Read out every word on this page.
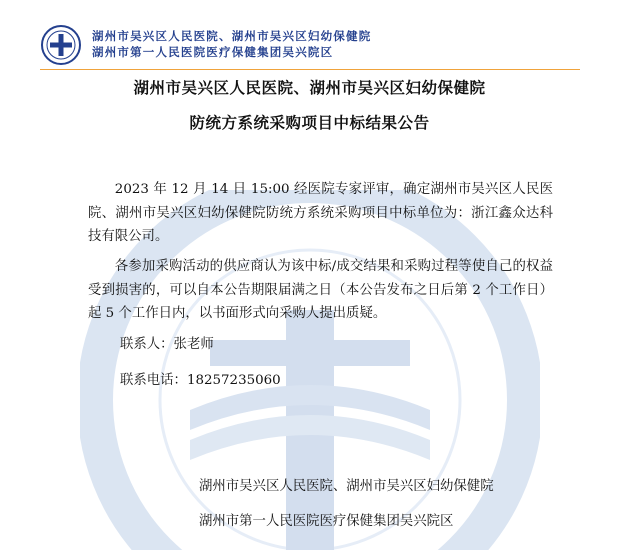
湖州市吴兴区人民医院、湖州市吴兴区妇幼保健院
湖州市第一人民医院医疗保健集团吴兴院区
湖州市吴兴区人民医院、湖州市吴兴区妇幼保健院
防统方系统采购项目中标结果公告
2023 年 12 月 14 日 15:00 经医院专家评审，确定湖州市吴兴区人民医院、湖州市吴兴区妇幼保健院防统方系统采购项目中标单位为：浙江鑫众达科技有限公司。
各参加采购活动的供应商认为该中标/成交结果和采购过程等使自己的权益受到损害的，可以自本公告期限届满之日（本公告发布之日后第 2 个工作日）起 5 个工作日内，以书面形式向采购人提出质疑。
联系人：张老师
联系电话：18257235060
湖州市吴兴区人民医院、湖州市吴兴区妇幼保健院
湖州市第一人民医院医疗保健集团吴兴院区
